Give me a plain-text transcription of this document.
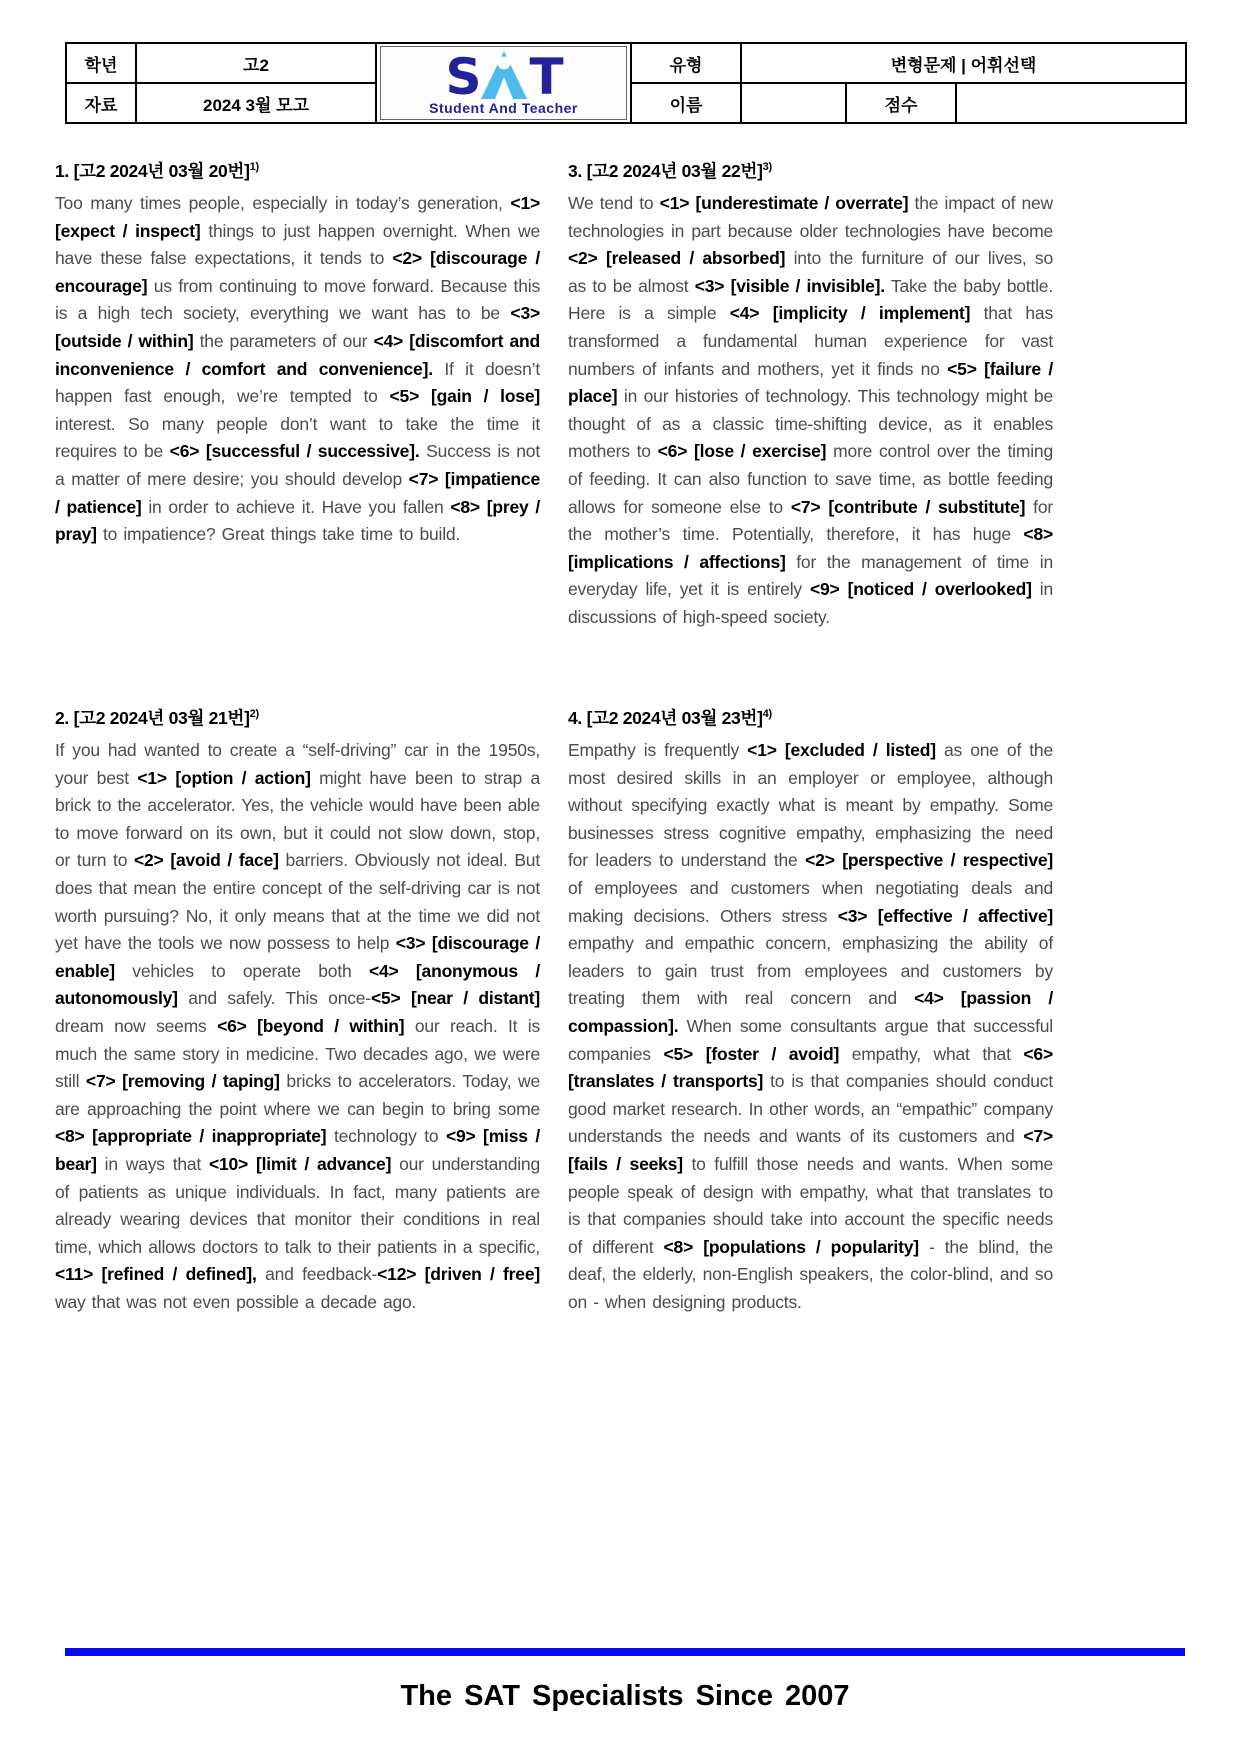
학년	고2	S T
Student And Teacher	유형	변형문제 | 어휘선택		
자료	2024 3월 모고		이름		점수	
1. [고2 2024년 03월 20번]$^{1)}$
Too many times people, especially in today’s generation, <1> [expect / inspect] things to just happen overnight. When we have these false expectations, it tends to <2> [discourage / encourage] us from continuing to move forward. Because this is a high tech society, everything we want has to be <3> [outside / within] the parameters of our <4> [discomfort and inconvenience / comfort and convenience]. If it doesn’t happen fast enough, we’re tempted to <5> [gain / lose] interest. So many people don’t want to take the time it requires to be <6> [successful / successive]. Success is not a matter of mere desire; you should develop <7> [impatience / patience] in order to achieve it. Have you fallen <8> [prey / pray] to impatience? Great things take time to build.
2. [고2 2024년 03월 21번]$^{2)}$
If you had wanted to create a “self-driving” car in the 1950s, your best <1> [option / action] might have been to strap a brick to the accelerator. Yes, the vehicle would have been able to move forward on its own, but it could not slow down, stop, or turn to <2> [avoid / face] barriers. Obviously not ideal. But does that mean the entire concept of the self-driving car is not worth pursuing? No, it only means that at the time we did not yet have the tools we now possess to help <3> [discourage / enable] vehicles to operate both <4> [anonymous / autonomously] and safely. This once-<5> [near / distant] dream now seems <6> [beyond / within] our reach. It is much the same story in medicine. Two decades ago, we were still <7> [removing / taping] bricks to accelerators. Today, we are approaching the point where we can begin to bring some <8> [appropriate / inappropriate] technology to <9> [miss / bear] in ways that <10> [limit / advance] our understanding of patients as unique individuals. In fact, many patients are already wearing devices that monitor their conditions in real time, which allows doctors to talk to their patients in a specific, <11> [refined / defined], and feedback-<12> [driven / free] way that was not even possible a decade ago.
3. [고2 2024년 03월 22번]$^{3)}$
We tend to <1> [underestimate / overrate] the impact of new technologies in part because older technologies have become <2> [released / absorbed] into the furniture of our lives, so as to be almost <3> [visible / invisible]. Take the baby bottle. Here is a simple <4> [implicity / implement] that has transformed a fundamental human experience for vast numbers of infants and mothers, yet it finds no <5> [failure / place] in our histories of technology. This technology might be thought of as a classic time-shifting device, as it enables mothers to <6> [lose / exercise] more control over the timing of feeding. It can also function to save time, as bottle feeding allows for someone else to <7> [contribute / substitute] for the mother’s time. Potentially, therefore, it has huge <8> [implications / affections] for the management of time in everyday life, yet it is entirely <9> [noticed / overlooked] in discussions of high-speed society.
4. [고2 2024년 03월 23번]$^{4)}$
Empathy is frequently <1> [excluded / listed] as one of the most desired skills in an employer or employee, although without specifying exactly what is meant by empathy. Some businesses stress cognitive empathy, emphasizing the need for leaders to understand the <2> [perspective / respective] of employees and customers when negotiating deals and making decisions. Others stress <3> [effective / affective] empathy and empathic concern, emphasizing the ability of leaders to gain trust from employees and customers by treating them with real concern and <4> [passion / compassion]. When some consultants argue that successful companies <5> [foster / avoid] empathy, what that <6> [translates / transports] to is that companies should conduct good market research. In other words, an “empathic” company understands the needs and wants of its customers and <7> [fails / seeks] to fulfill those needs and wants. When some people speak of design with empathy, what that translates to is that companies should take into account the specific needs of different <8> [populations / popularity] - the blind, the deaf, the elderly, non-English speakers, the color-blind, and so on - when designing products.
The SAT Specialists Since 2007
